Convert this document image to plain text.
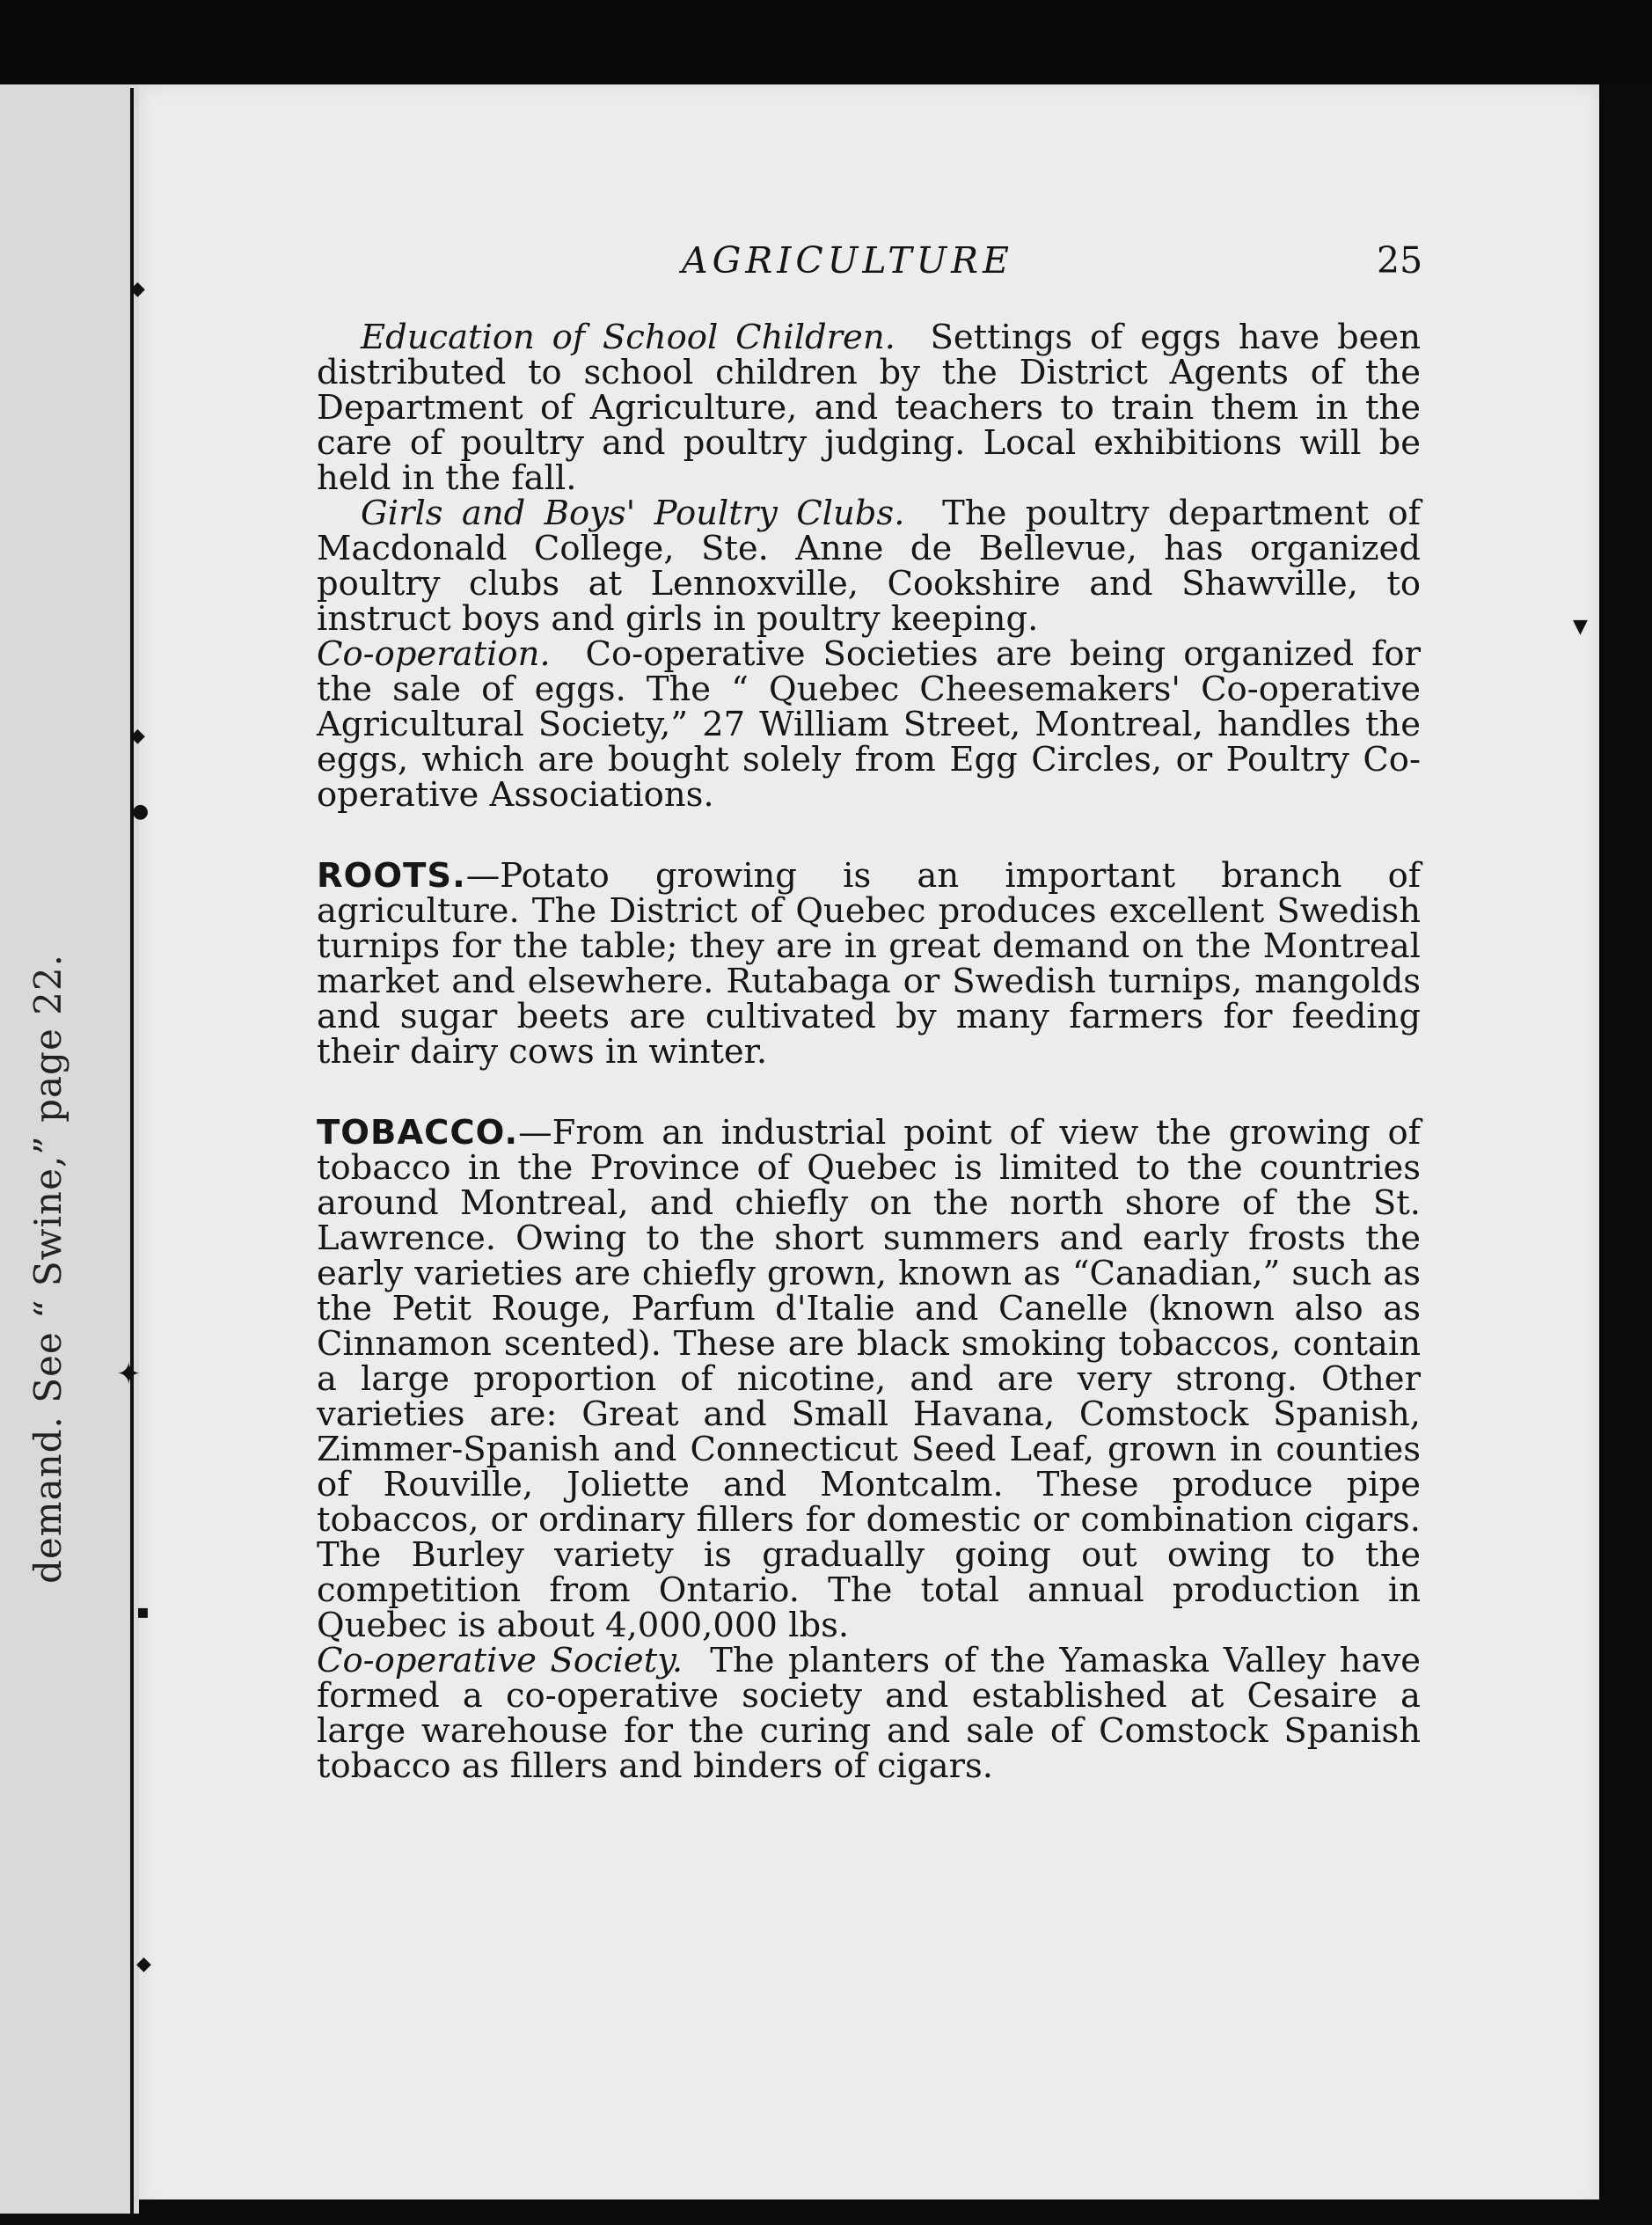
demand. See “ Swine,” page 22.
◆
◆
●
✦
▪
◆
▼
AGRICULTURE	25

Education of School Children. Settings of eggs have been distributed to school children by the District Agents of the Department of Agriculture, and teachers to train them in the care of poultry and poultry judging. Local exhibitions will be held in the fall.

Girls and Boys' Poultry Clubs. The poultry department of Macdonald College, Ste. Anne de Bellevue, has organized poultry clubs at Lennoxville, Cookshire and Shawville, to instruct boys and girls in poultry keeping.

Co-operation. Co-operative Societies are being organized for the sale of eggs. The “ Quebec Cheesemakers' Co-operative Agricultural Society,” 27 William Street, Montreal, handles the eggs, which are bought solely from Egg Circles, or Poultry Co-operative Associations.

ROOTS.—Potato growing is an important branch of agriculture. The District of Quebec produces excellent Swedish turnips for the table; they are in great demand on the Montreal market and elsewhere. Rutabaga or Swedish turnips, mangolds and sugar beets are cultivated by many farmers for feeding their dairy cows in winter.

TOBACCO.—From an industrial point of view the growing of tobacco in the Province of Quebec is limited to the countries around Montreal, and chiefly on the north shore of the St. Lawrence. Owing to the short summers and early frosts the early varieties are chiefly grown, known as “Canadian,” such as the Petit Rouge, Parfum d'Italie and Canelle (known also as Cinnamon scented). These are black smoking tobaccos, contain a large proportion of nicotine, and are very strong. Other varieties are: Great and Small Havana, Comstock Spanish, Zimmer-Spanish and Connecticut Seed Leaf, grown in counties of Rouville, Joliette and Montcalm. These produce pipe tobaccos, or ordinary fillers for domestic or combination cigars. The Burley variety is gradually going out owing to the competition from Ontario. The total annual production in Quebec is about 4,000,000 lbs.

Co-operative Society. The planters of the Yamaska Valley have formed a co-operative society and established at Cesaire a large warehouse for the curing and sale of Comstock Spanish tobacco as fillers and binders of cigars.
